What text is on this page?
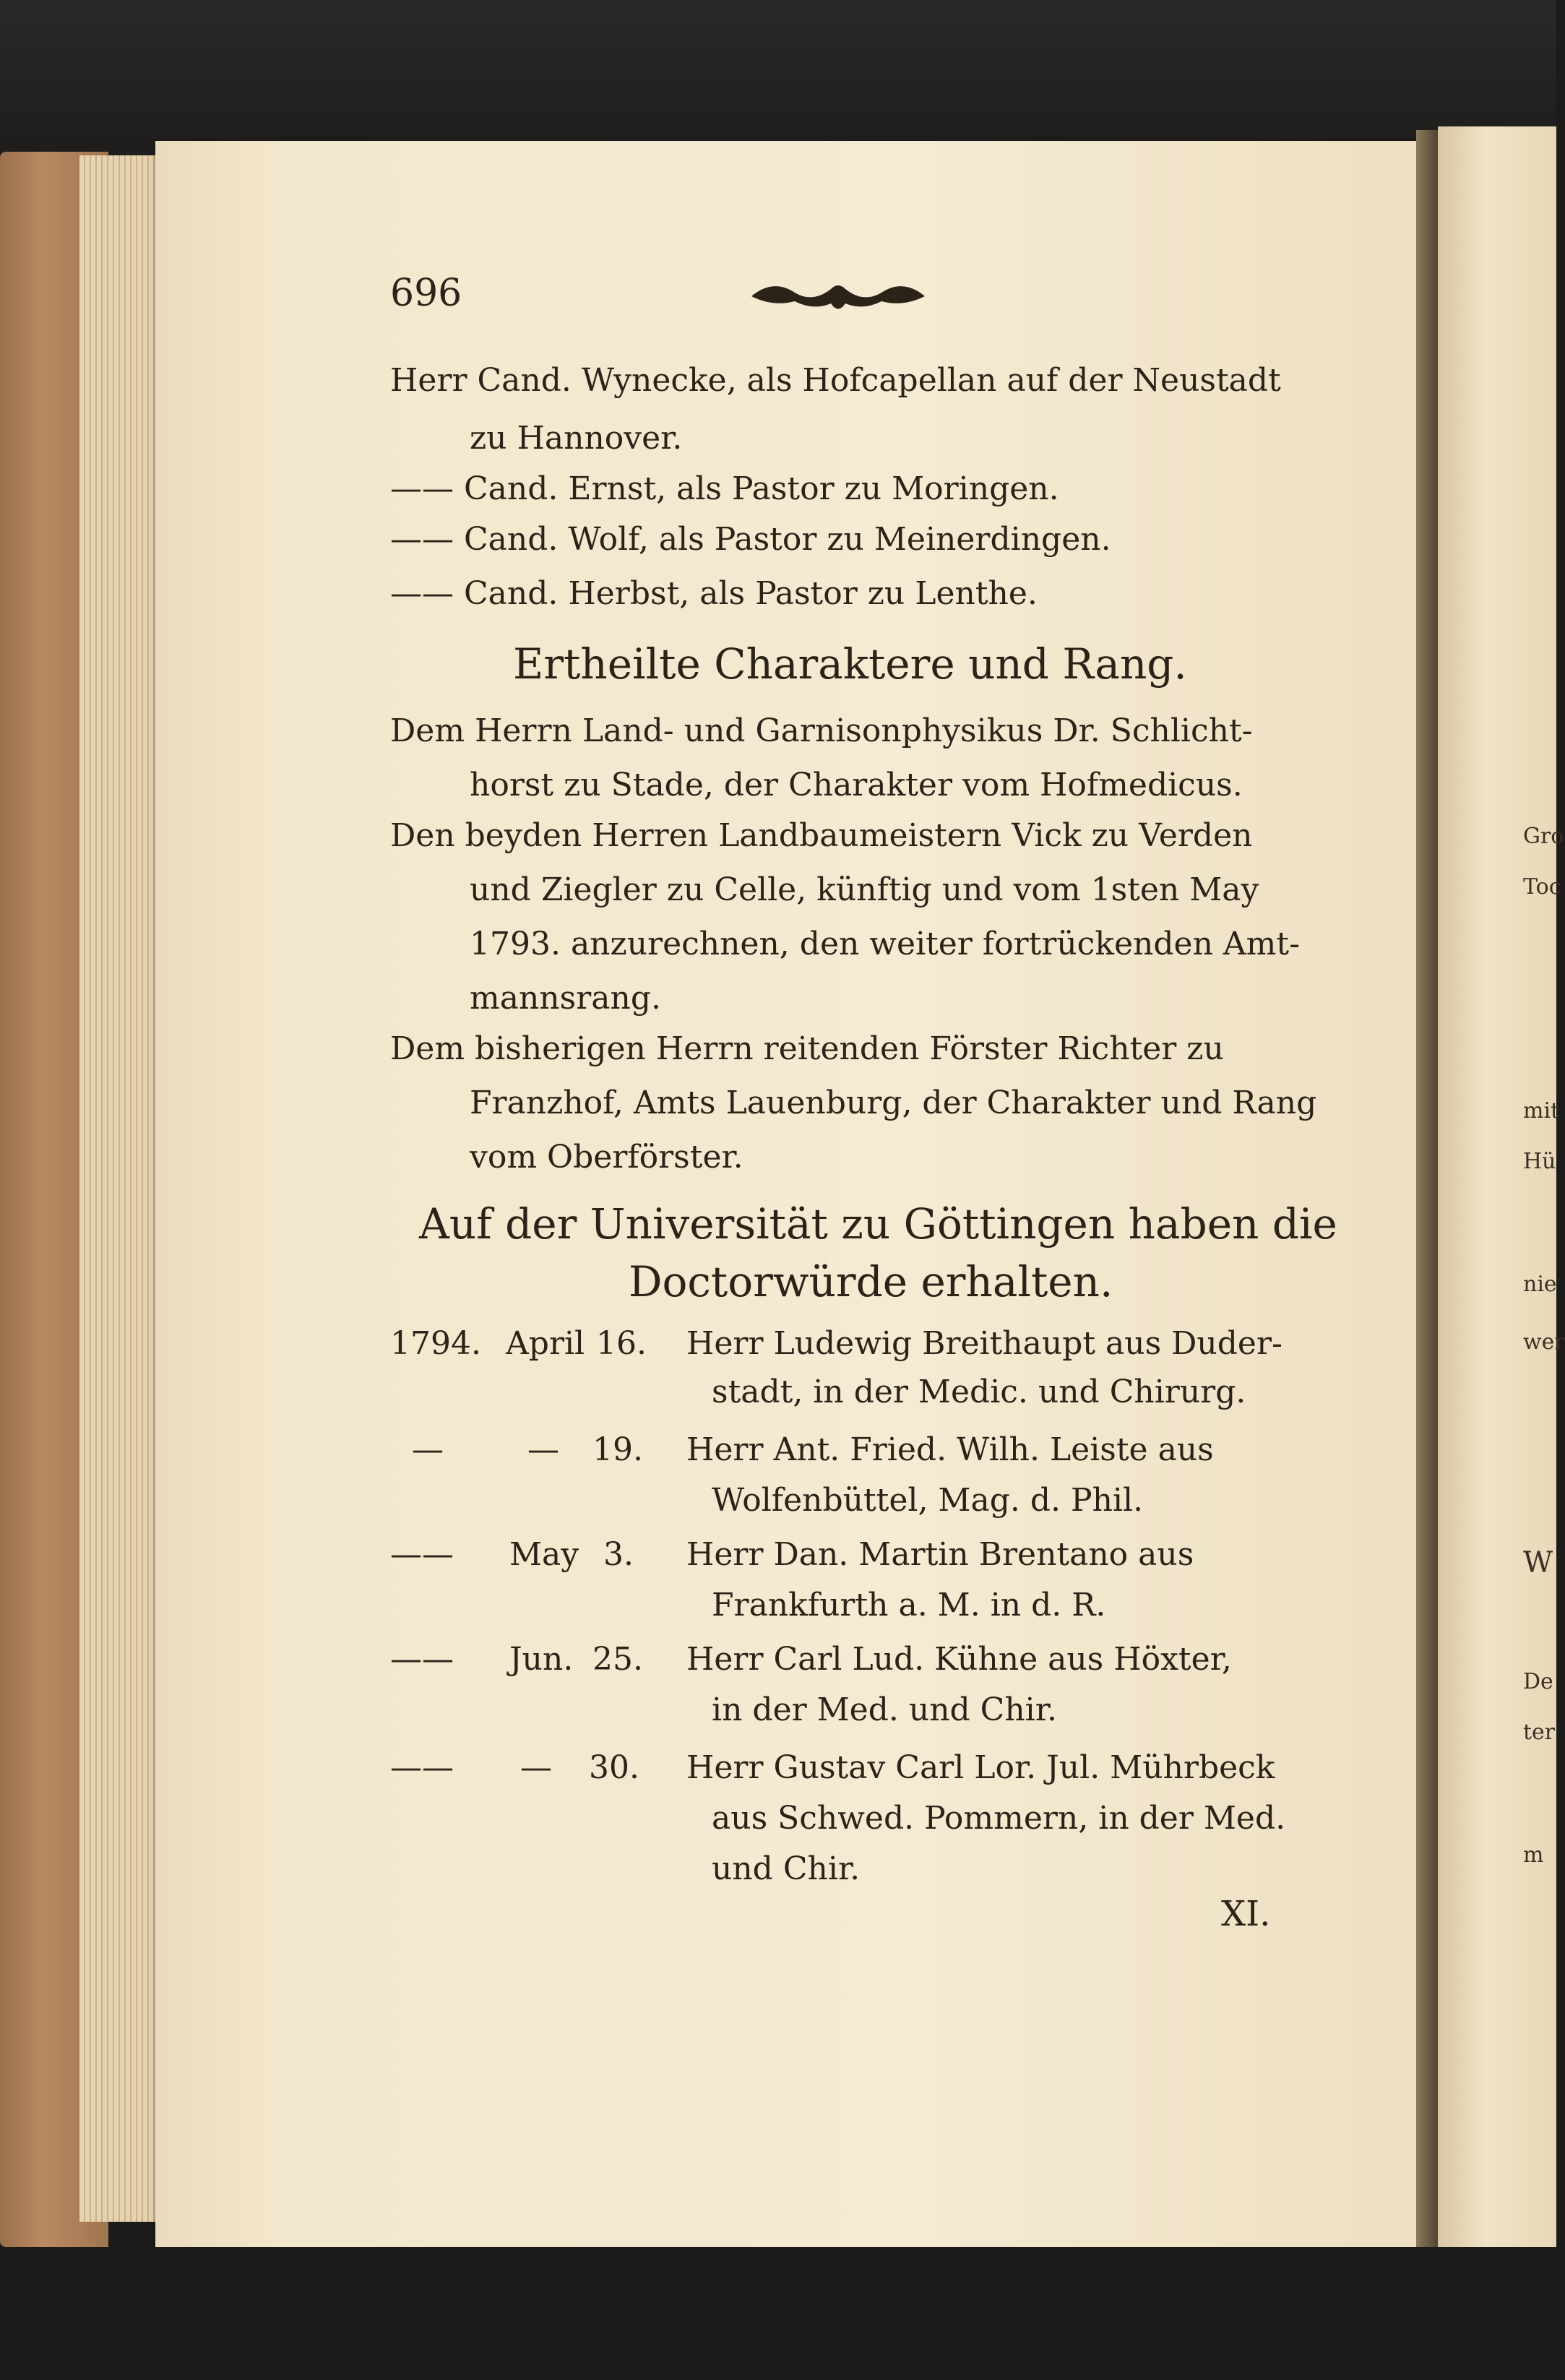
Gro
Toc
mit
Hü
nie
wer
W
De
ter
m
696
Herr Cand. Wynecke, als Hofcapellan auf der Neustadt
zu Hannover.
—— Cand. Ernst, als Pastor zu Moringen.
—— Cand. Wolf, als Pastor zu Meinerdingen.
—— Cand. Herbst, als Pastor zu Lenthe.
Ertheilte Charaktere und Rang.
Dem Herrn Land- und Garnisonphysikus Dr. Schlicht-
horst zu Stade, der Charakter vom Hofmedicus.
Den beyden Herren Landbaumeistern Vick zu Verden
und Ziegler zu Celle, künftig und vom 1sten May
1793. anzurechnen, den weiter fortrückenden Amt-
mannsrang.
Dem bisherigen Herrn reitenden Förster Richter zu
Franzhof, Amts Lauenburg, der Charakter und Rang
vom Oberförster.
Auf der Universität zu Göttingen haben die
Doctorwürde erhalten.
1794. April 16. Herr Ludewig Breithaupt aus Duder-
stadt, in der Medic. und Chirurg.
—	— 19. Herr Ant. Fried. Wilh. Leiste aus
Wolfenbüttel, Mag. d. Phil.
—— May 3. Herr Dan. Martin Brentano aus
Frankfurth a. M. in d. R.
—— Jun. 25. Herr Carl Lud. Kühne aus Höxter,
in der Med. und Chir.
—— — 30. Herr Gustav Carl Lor. Jul. Mührbeck
aus Schwed. Pommern, in der Med.
und Chir.
XI.
